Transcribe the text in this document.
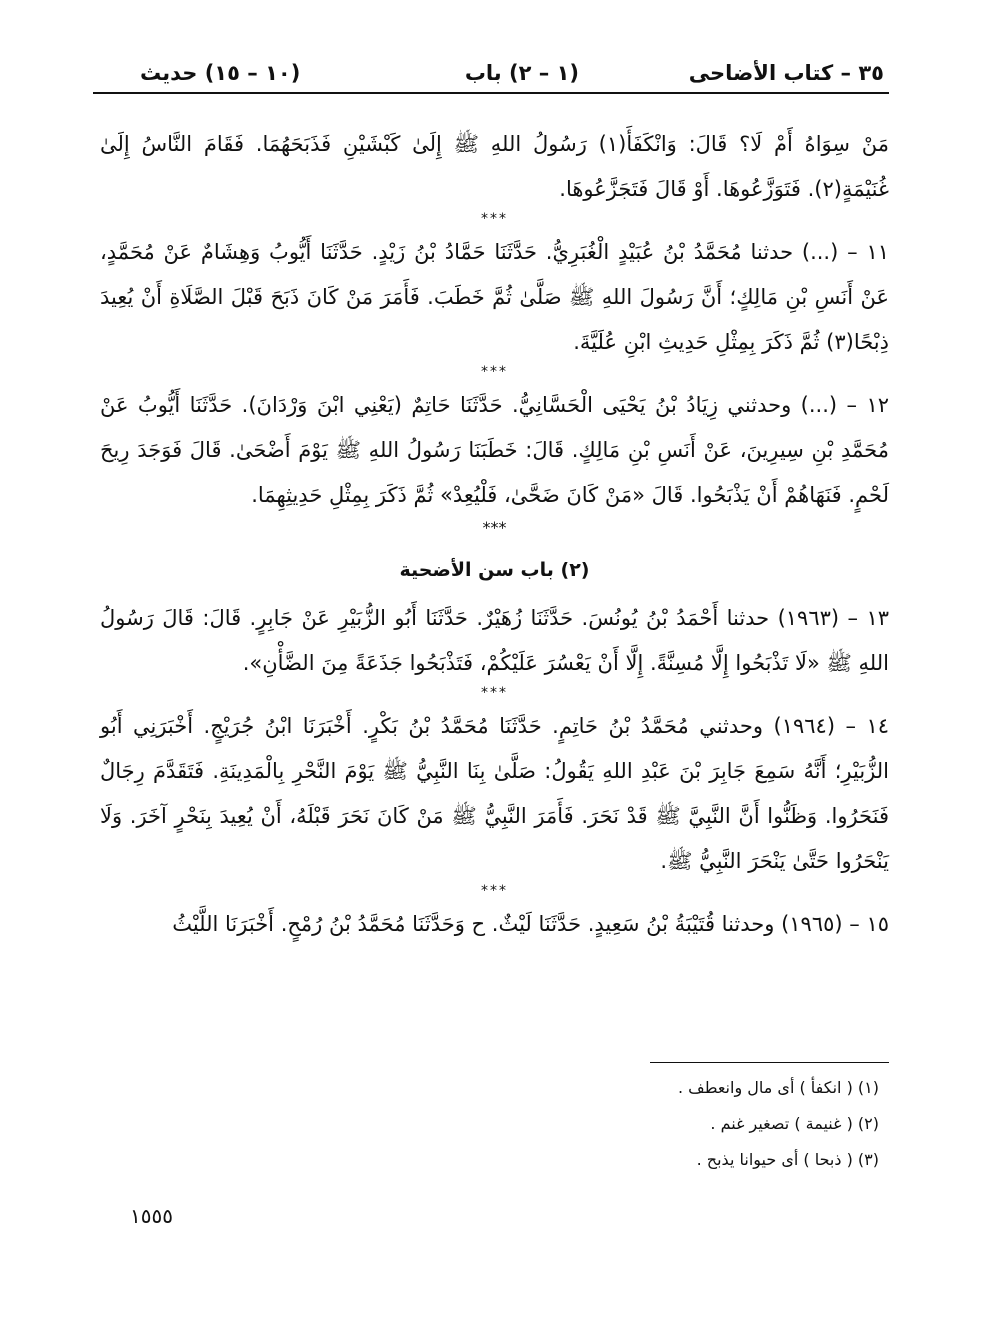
٣٥ – كتاب الأضاحى
(١ – ٢) باب
(١٠ – ١٥) حديث

مَنْ سِوَاهُ أَمْ لَا؟ قَالَ: وَانْكَفَأَ(١) رَسُولُ اللهِ ﷺ إِلَىٰ كَبْشَيْنِ فَذَبَحَهُمَا. فَقَامَ النَّاسُ إِلَىٰ غُنَيْمَةٍ(٢). فَتَوَزَّعُوهَا. أَوْ قَالَ فَتَجَزَّعُوهَا.

***

١١ – (...) حدثنا مُحَمَّدُ بْنُ عُبَيْدٍ الْغُبَرِيُّ. حَدَّثَنَا حَمَّادُ بْنُ زَيْدٍ. حَدَّثَنَا أَيُّوبُ وَهِشَامٌ عَنْ مُحَمَّدٍ، عَنْ أَنَسِ بْنِ مَالِكٍ؛ أَنَّ رَسُولَ اللهِ ﷺ صَلَّىٰ ثُمَّ خَطَبَ. فَأَمَرَ مَنْ كَانَ ذَبَحَ قَبْلَ الصَّلَاةِ أَنْ يُعِيدَ ذِبْحًا(٣) ثُمَّ ذَكَرَ بِمِثْلِ حَدِيثِ ابْنِ عُلَيَّةَ.

***

١٢ – (...) وحدثني زِيَادُ بْنُ يَحْيَى الْحَسَّانِيُّ. حَدَّثَنَا حَاتِمٌ (يَعْنِي ابْنَ وَرْدَانَ). حَدَّثَنَا أَيُّوبُ عَنْ مُحَمَّدِ بْنِ سِيرِينَ، عَنْ أَنَسِ بْنِ مَالِكٍ. قَالَ: خَطَبَنَا رَسُولُ اللهِ ﷺ يَوْمَ أَضْحَىٰ. قَالَ فَوَجَدَ رِيحَ لَحْمٍ. فَنَهَاهُمْ أَنْ يَذْبَحُوا. قَالَ «مَنْ كَانَ ضَحَّىٰ، فَلْيُعِدْ» ثُمَّ ذَكَرَ بِمِثْلِ حَدِيثِهِمَا.

***
(٢) باب سن الأضحية

١٣ – (١٩٦٣) حدثنا أَحْمَدُ بْنُ يُونُسَ. حَدَّثَنَا زُهَيْرٌ. حَدَّثَنَا أَبُو الزُّبَيْرِ عَنْ جَابِرٍ. قَالَ: قَالَ رَسُولُ اللهِ ﷺ «لَا تَذْبَحُوا إِلَّا مُسِنَّةً. إِلَّا أَنْ يَعْسُرَ عَلَيْكُمْ، فَتَذْبَحُوا جَذَعَةً مِنَ الضَّأْنِ».

***

١٤ – (١٩٦٤) وحدثني مُحَمَّدُ بْنُ حَاتِمٍ. حَدَّثَنَا مُحَمَّدُ بْنُ بَكْرٍ. أَخْبَرَنَا ابْنُ جُرَيْجٍ. أَخْبَرَنِي أَبُو الزُّبَيْرِ؛ أَنَّهُ سَمِعَ جَابِرَ بْنَ عَبْدِ اللهِ يَقُولُ: صَلَّىٰ بِنَا النَّبِيُّ ﷺ يَوْمَ النَّحْرِ بِالْمَدِينَةِ. فَتَقَدَّمَ رِجَالٌ فَنَحَرُوا. وَظَنُّوا أَنَّ النَّبِيَّ ﷺ قَدْ نَحَرَ. فَأَمَرَ النَّبِيُّ ﷺ مَنْ كَانَ نَحَرَ قَبْلَهُ، أَنْ يُعِيدَ بِنَحْرٍ آخَرَ. وَلَا يَنْحَرُوا حَتَّىٰ يَنْحَرَ النَّبِيُّ ﷺ.

***

١٥ – (١٩٦٥) وحدثنا قُتَيْبَةُ بْنُ سَعِيدٍ. حَدَّثَنَا لَيْثٌ. ح وَحَدَّثَنَا مُحَمَّدُ بْنُ رُمْحٍ. أَخْبَرَنَا اللَّيْثُ

(١) ( انكفأ ) أى مال وانعطف .
(٢) ( غنيمة ) تصغير غنم .
(٣) ( ذبحا ) أى حيوانا يذبح .
١٥٥٥
